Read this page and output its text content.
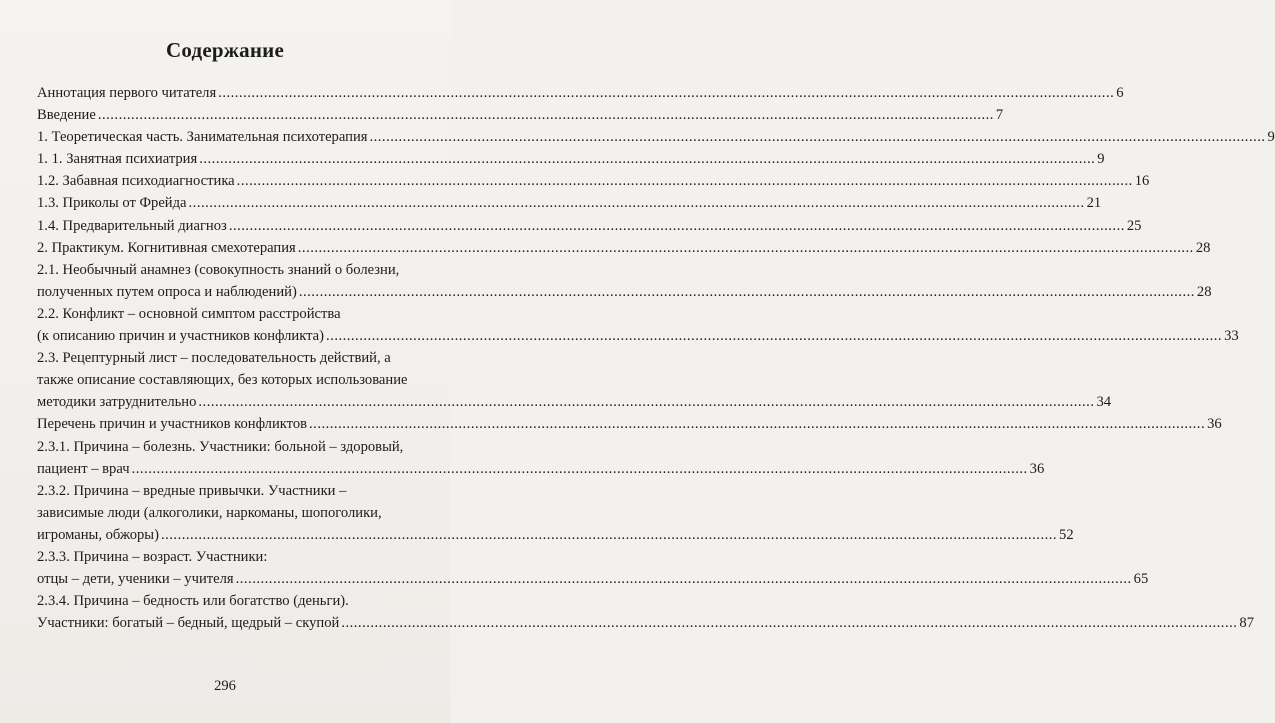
Содержание
Аннотация первого читателя .....	6
Введение .....	7
1. Теоретическая часть. Занимательная психотерапия .....	9
1. 1. Занятная психиатрия .....	9
1.2. Забавная психодиагностика .....	16
1.3. Приколы от Фрейда .....	21
1.4. Предварительный диагноз .....	25
2. Практикум. Когнитивная смехотерапия .....	28
2.1. Необычный анамнез (совокупность знаний о болезни,
полученных путем опроса и наблюдений) .....	28
2.2. Конфликт – основной симптом расстройства
(к описанию причин и участников конфликта) .....	33
2.3. Рецептурный лист – последовательность действий, а
также описание составляющих, без которых использование
методики затруднительно .....	34
Перечень причин и участников конфликтов .....	36
2.3.1. Причина – болезнь. Участники: больной – здоровый,
пациент – врач .....	36
2.3.2. Причина – вредные привычки. Участники –
зависимые люди (алкоголики, наркоманы, шопоголики,
игроманы, обжоры) .....	52
2.3.3. Причина – возраст. Участники:
отцы – дети, ученики – учителя .....	65
2.3.4. Причина – бедность или богатство (деньги).
Участники: богатый – бедный, щедрый – скупой .....	87
296
